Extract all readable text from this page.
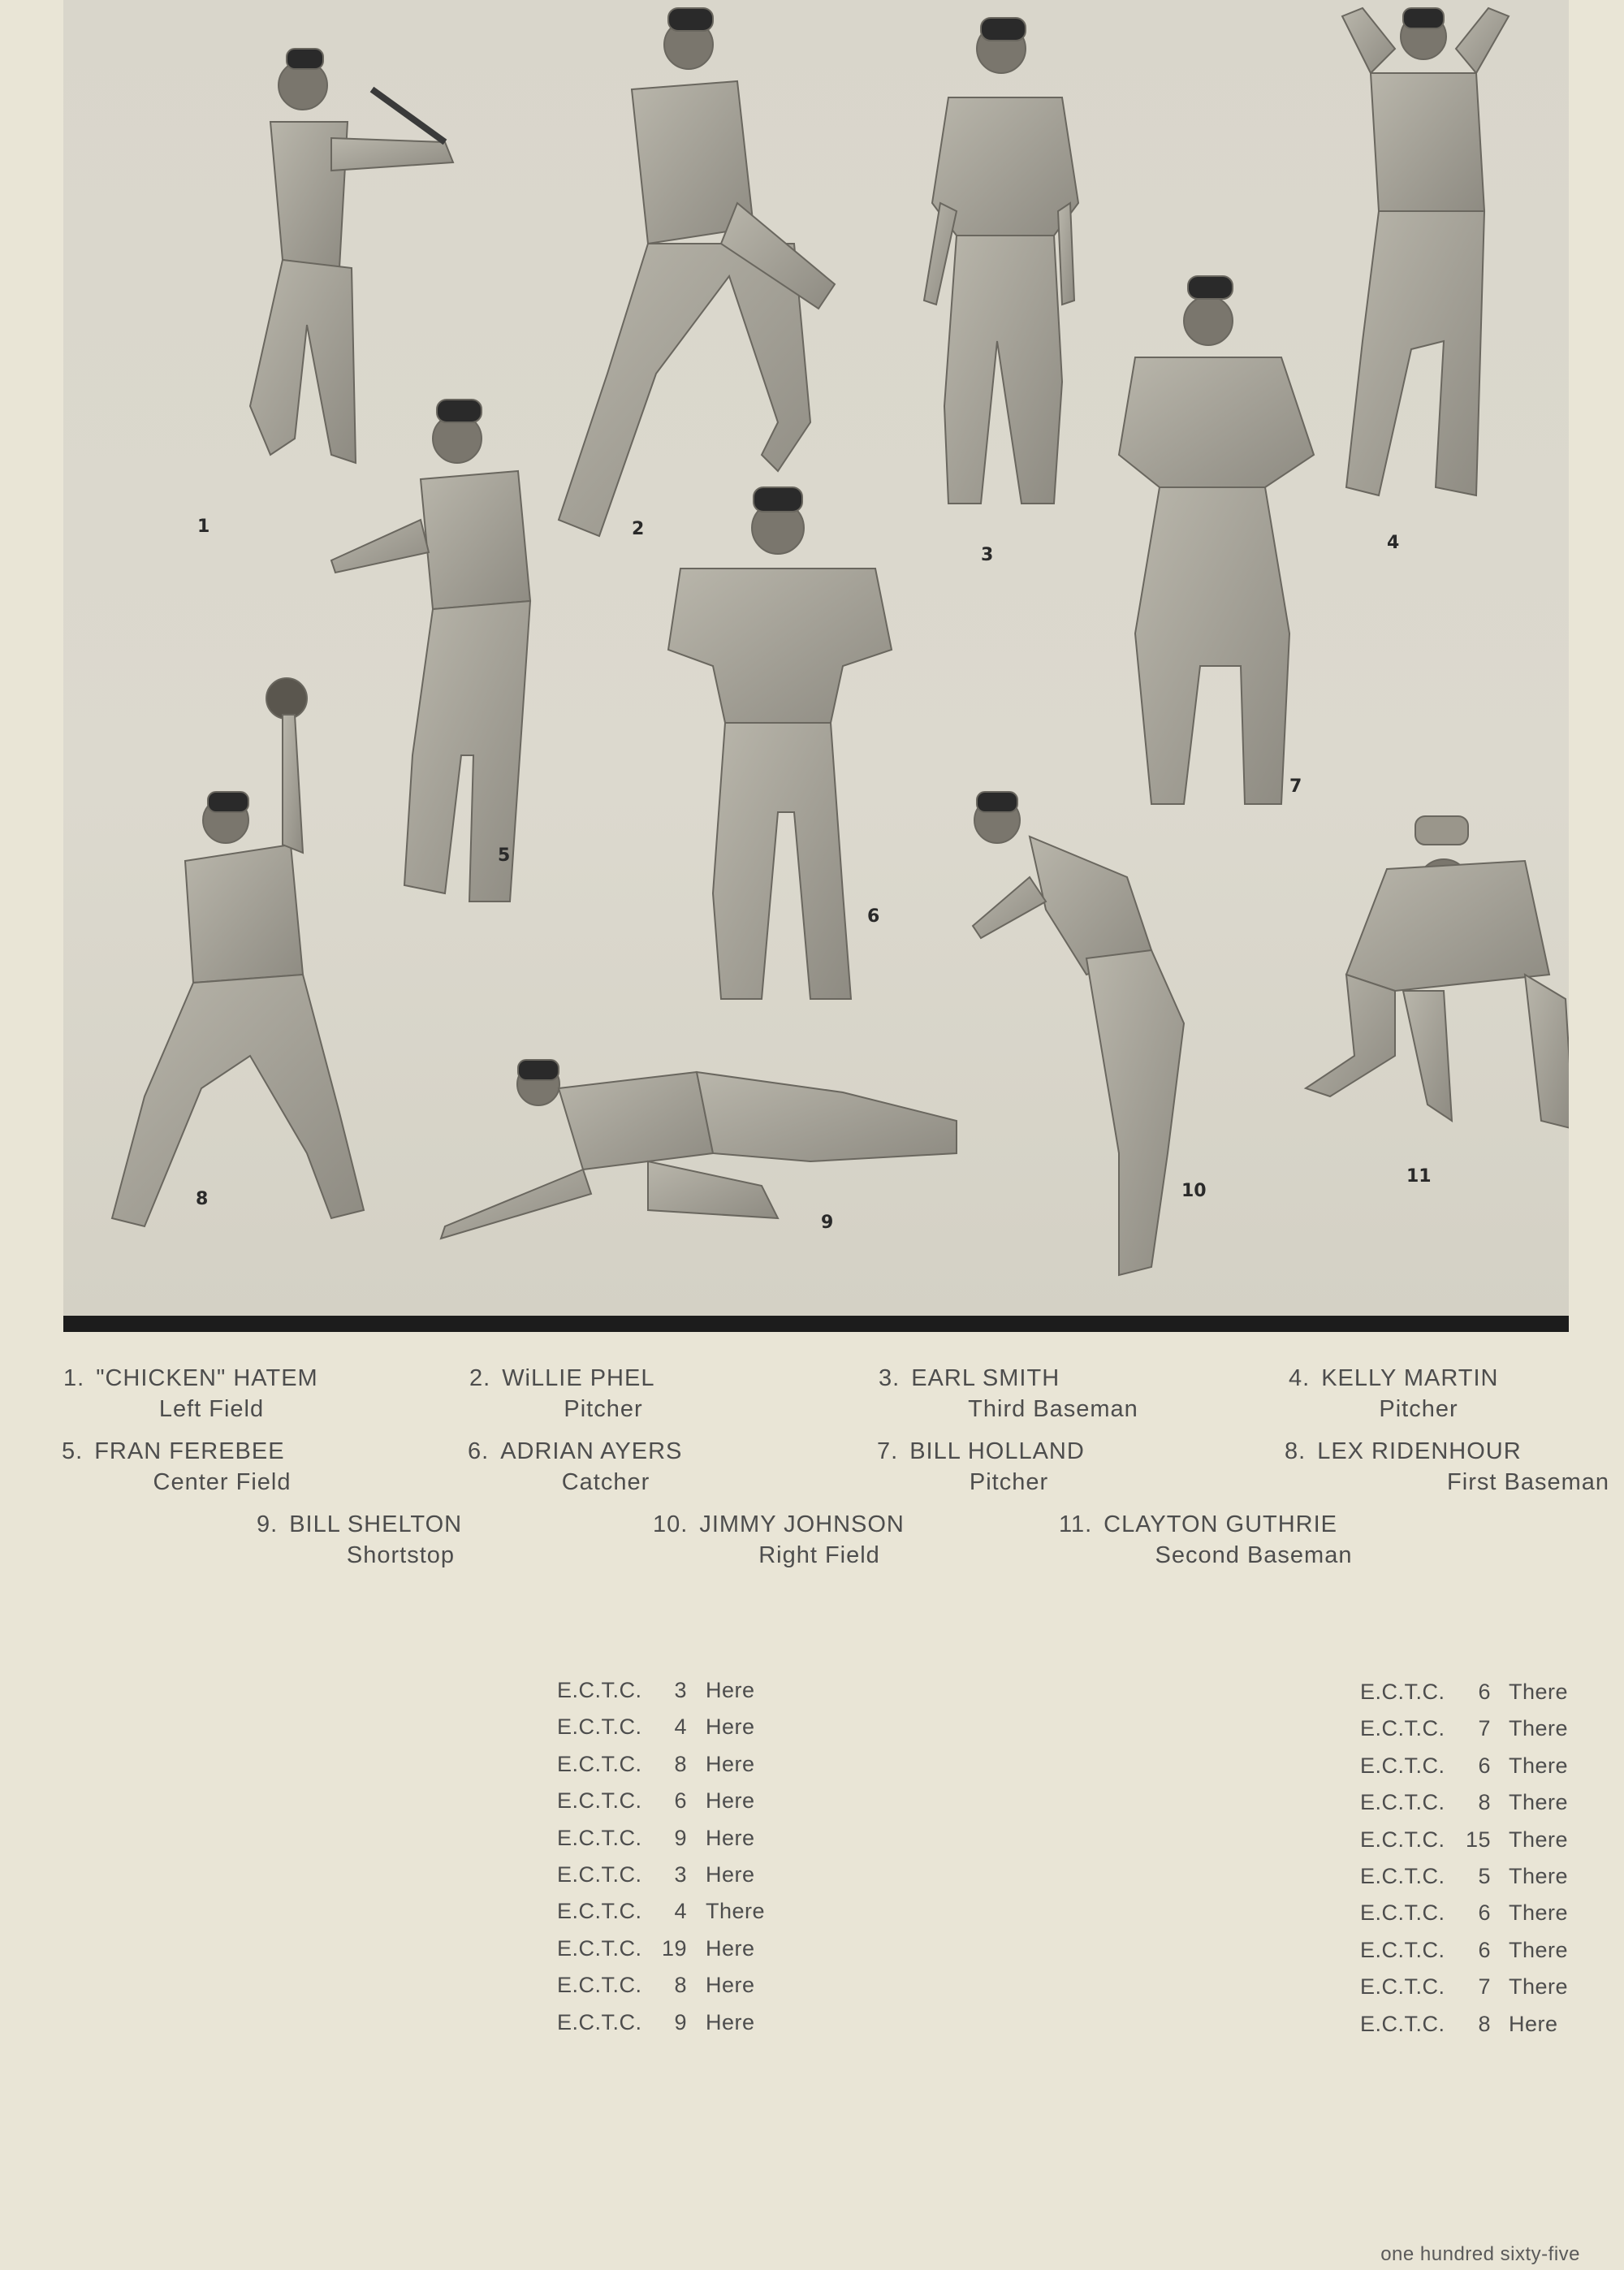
1	2
3
4
5
6
7
8
9
10
11
1. "CHICKEN" HATEM
Left Field
2. WiLLIE PHEL
Pitcher
3. EARL SMITH
Third Baseman
4. KELLY MARTIN
Pitcher
5. FRAN FEREBEE
Center Field
6. ADRIAN AYERS
Catcher
7. BILL HOLLAND
Pitcher
8. LEX RIDENHOUR
First Baseman
9. BILL SHELTON
Shortstop
10. JIMMY JOHNSON
Right Field
11. CLAYTON GUTHRIE
Second Baseman
E.C.T.C.	3 Here
E.C.T.C.	4 Here
E.C.T.C.	8 Here
E.C.T.C.	6 Here
E.C.T.C.	9 Here
E.C.T.C.	3 Here
E.C.T.C.	4 There
E.C.T.C. 19 Here
E.C.T.C.	8 Here
E.C.T.C.	9 Here
E.C.T.C.	6 There
E.C.T.C.	7 There
E.C.T.C.	6 There
E.C.T.C.	8 There
E.C.T.C. 15 There
E.C.T.C.	5 There
E.C.T.C.	6 There
E.C.T.C.	6 There
E.C.T.C.	7 There
E.C.T.C.	8 Here
one hundred sixty-five
